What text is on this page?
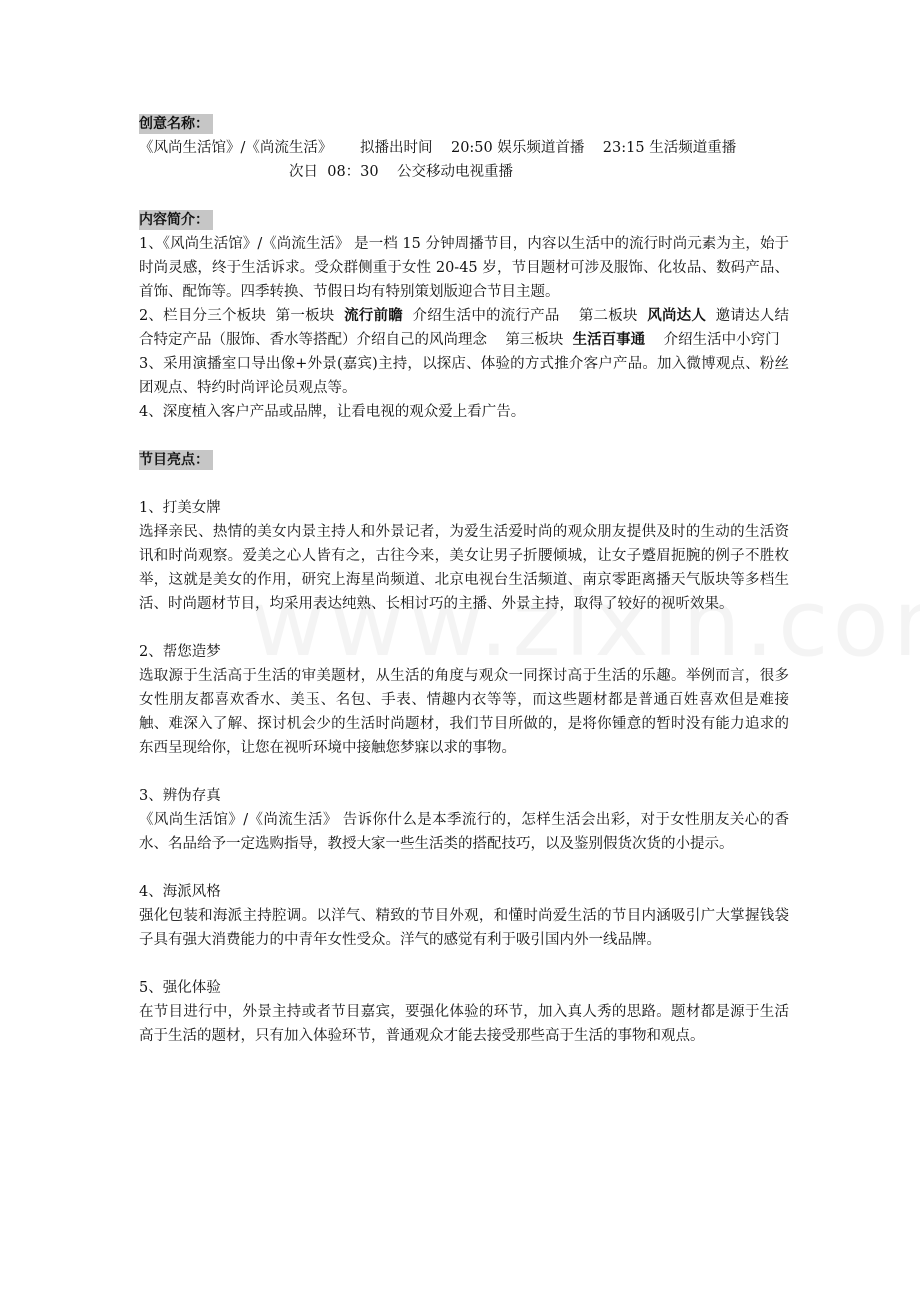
创意名称：

《风尚生活馆》/《尚流生活》      拟播出时间    20:50 娱乐频道首播    23:15 生活频道重播

次日  08：30    公交移动电视重播

内容简介：

1、《风尚生活馆》/《尚流生活》 是一档 15 分钟周播节目，内容以生活中的流行时尚元素为主，始于时尚灵感，终于生活诉求。受众群侧重于女性 20-45 岁，节目题材可涉及服饰、化妆品、数码产品、首饰、配饰等。四季转换、节假日均有特别策划版迎合节目主题。

2、栏目分三个板块  第一板块  流行前瞻  介绍生活中的流行产品    第二板块  风尚达人  邀请达人结合特定产品（服饰、香水等搭配）介绍自己的风尚理念    第三板块  生活百事通    介绍生活中小窍门

3、采用演播室口导出像+外景(嘉宾)主持，以探店、体验的方式推介客户产品。加入微博观点、粉丝团观点、特约时尚评论员观点等。

4、深度植入客户产品或品牌，让看电视的观众爱上看广告。

节目亮点：

1、打美女牌

选择亲民、热情的美女内景主持人和外景记者，为爱生活爱时尚的观众朋友提供及时的生动的生活资讯和时尚观察。爱美之心人皆有之，古往今来，美女让男子折腰倾城，让女子蹙眉扼腕的例子不胜枚举，这就是美女的作用，研究上海星尚频道、北京电视台生活频道、南京零距离播天气版块等多档生活、时尚题材节目，均采用表达纯熟、长相讨巧的主播、外景主持，取得了较好的视听效果。

2、帮您造梦

选取源于生活高于生活的审美题材，从生活的角度与观众一同探讨高于生活的乐趣。举例而言，很多女性朋友都喜欢香水、美玉、名包、手表、情趣内衣等等，而这些题材都是普通百姓喜欢但是难接触、难深入了解、探讨机会少的生活时尚题材，我们节目所做的，是将你锺意的暂时没有能力追求的东西呈现给你，让您在视听环境中接触您梦寐以求的事物。

3、辨伪存真

《风尚生活馆》/《尚流生活》 告诉你什么是本季流行的，怎样生活会出彩，对于女性朋友关心的香水、名品给予一定选购指导，教授大家一些生活类的搭配技巧，以及鉴别假货次货的小提示。

4、海派风格

强化包装和海派主持腔调。以洋气、精致的节目外观，和懂时尚爱生活的节目内涵吸引广大掌握钱袋子具有强大消费能力的中青年女性受众。洋气的感觉有利于吸引国内外一线品牌。

5、强化体验

在节目进行中，外景主持或者节目嘉宾，要强化体验的环节，加入真人秀的思路。题材都是源于生活高于生活的题材，只有加入体验环节，普通观众才能去接受那些高于生活的事物和观点。
